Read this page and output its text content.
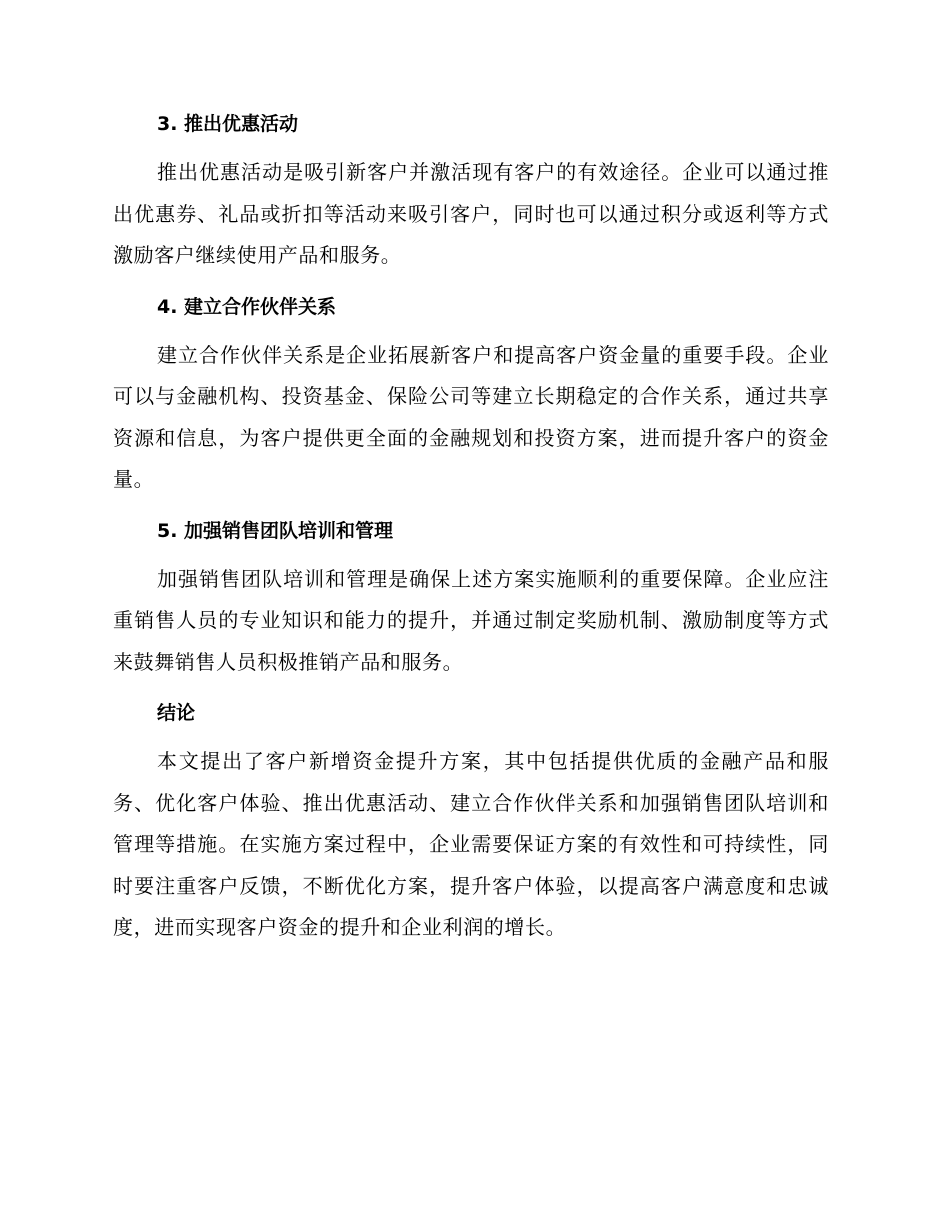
3. 推出优惠活动

推出优惠活动是吸引新客户并激活现有客户的有效途径。企业可以通过推出优惠券、礼品或折扣等活动来吸引客户，同时也可以通过积分或返利等方式激励客户继续使用产品和服务。

4. 建立合作伙伴关系

建立合作伙伴关系是企业拓展新客户和提高客户资金量的重要手段。企业可以与金融机构、投资基金、保险公司等建立长期稳定的合作关系，通过共享资源和信息，为客户提供更全面的金融规划和投资方案，进而提升客户的资金量。

5. 加强销售团队培训和管理

加强销售团队培训和管理是确保上述方案实施顺利的重要保障。企业应注重销售人员的专业知识和能力的提升，并通过制定奖励机制、激励制度等方式来鼓舞销售人员积极推销产品和服务。

结论

本文提出了客户新增资金提升方案，其中包括提供优质的金融产品和服务、优化客户体验、推出优惠活动、建立合作伙伴关系和加强销售团队培训和管理等措施。在实施方案过程中，企业需要保证方案的有效性和可持续性，同时要注重客户反馈，不断优化方案，提升客户体验，以提高客户满意度和忠诚度，进而实现客户资金的提升和企业利润的增长。
